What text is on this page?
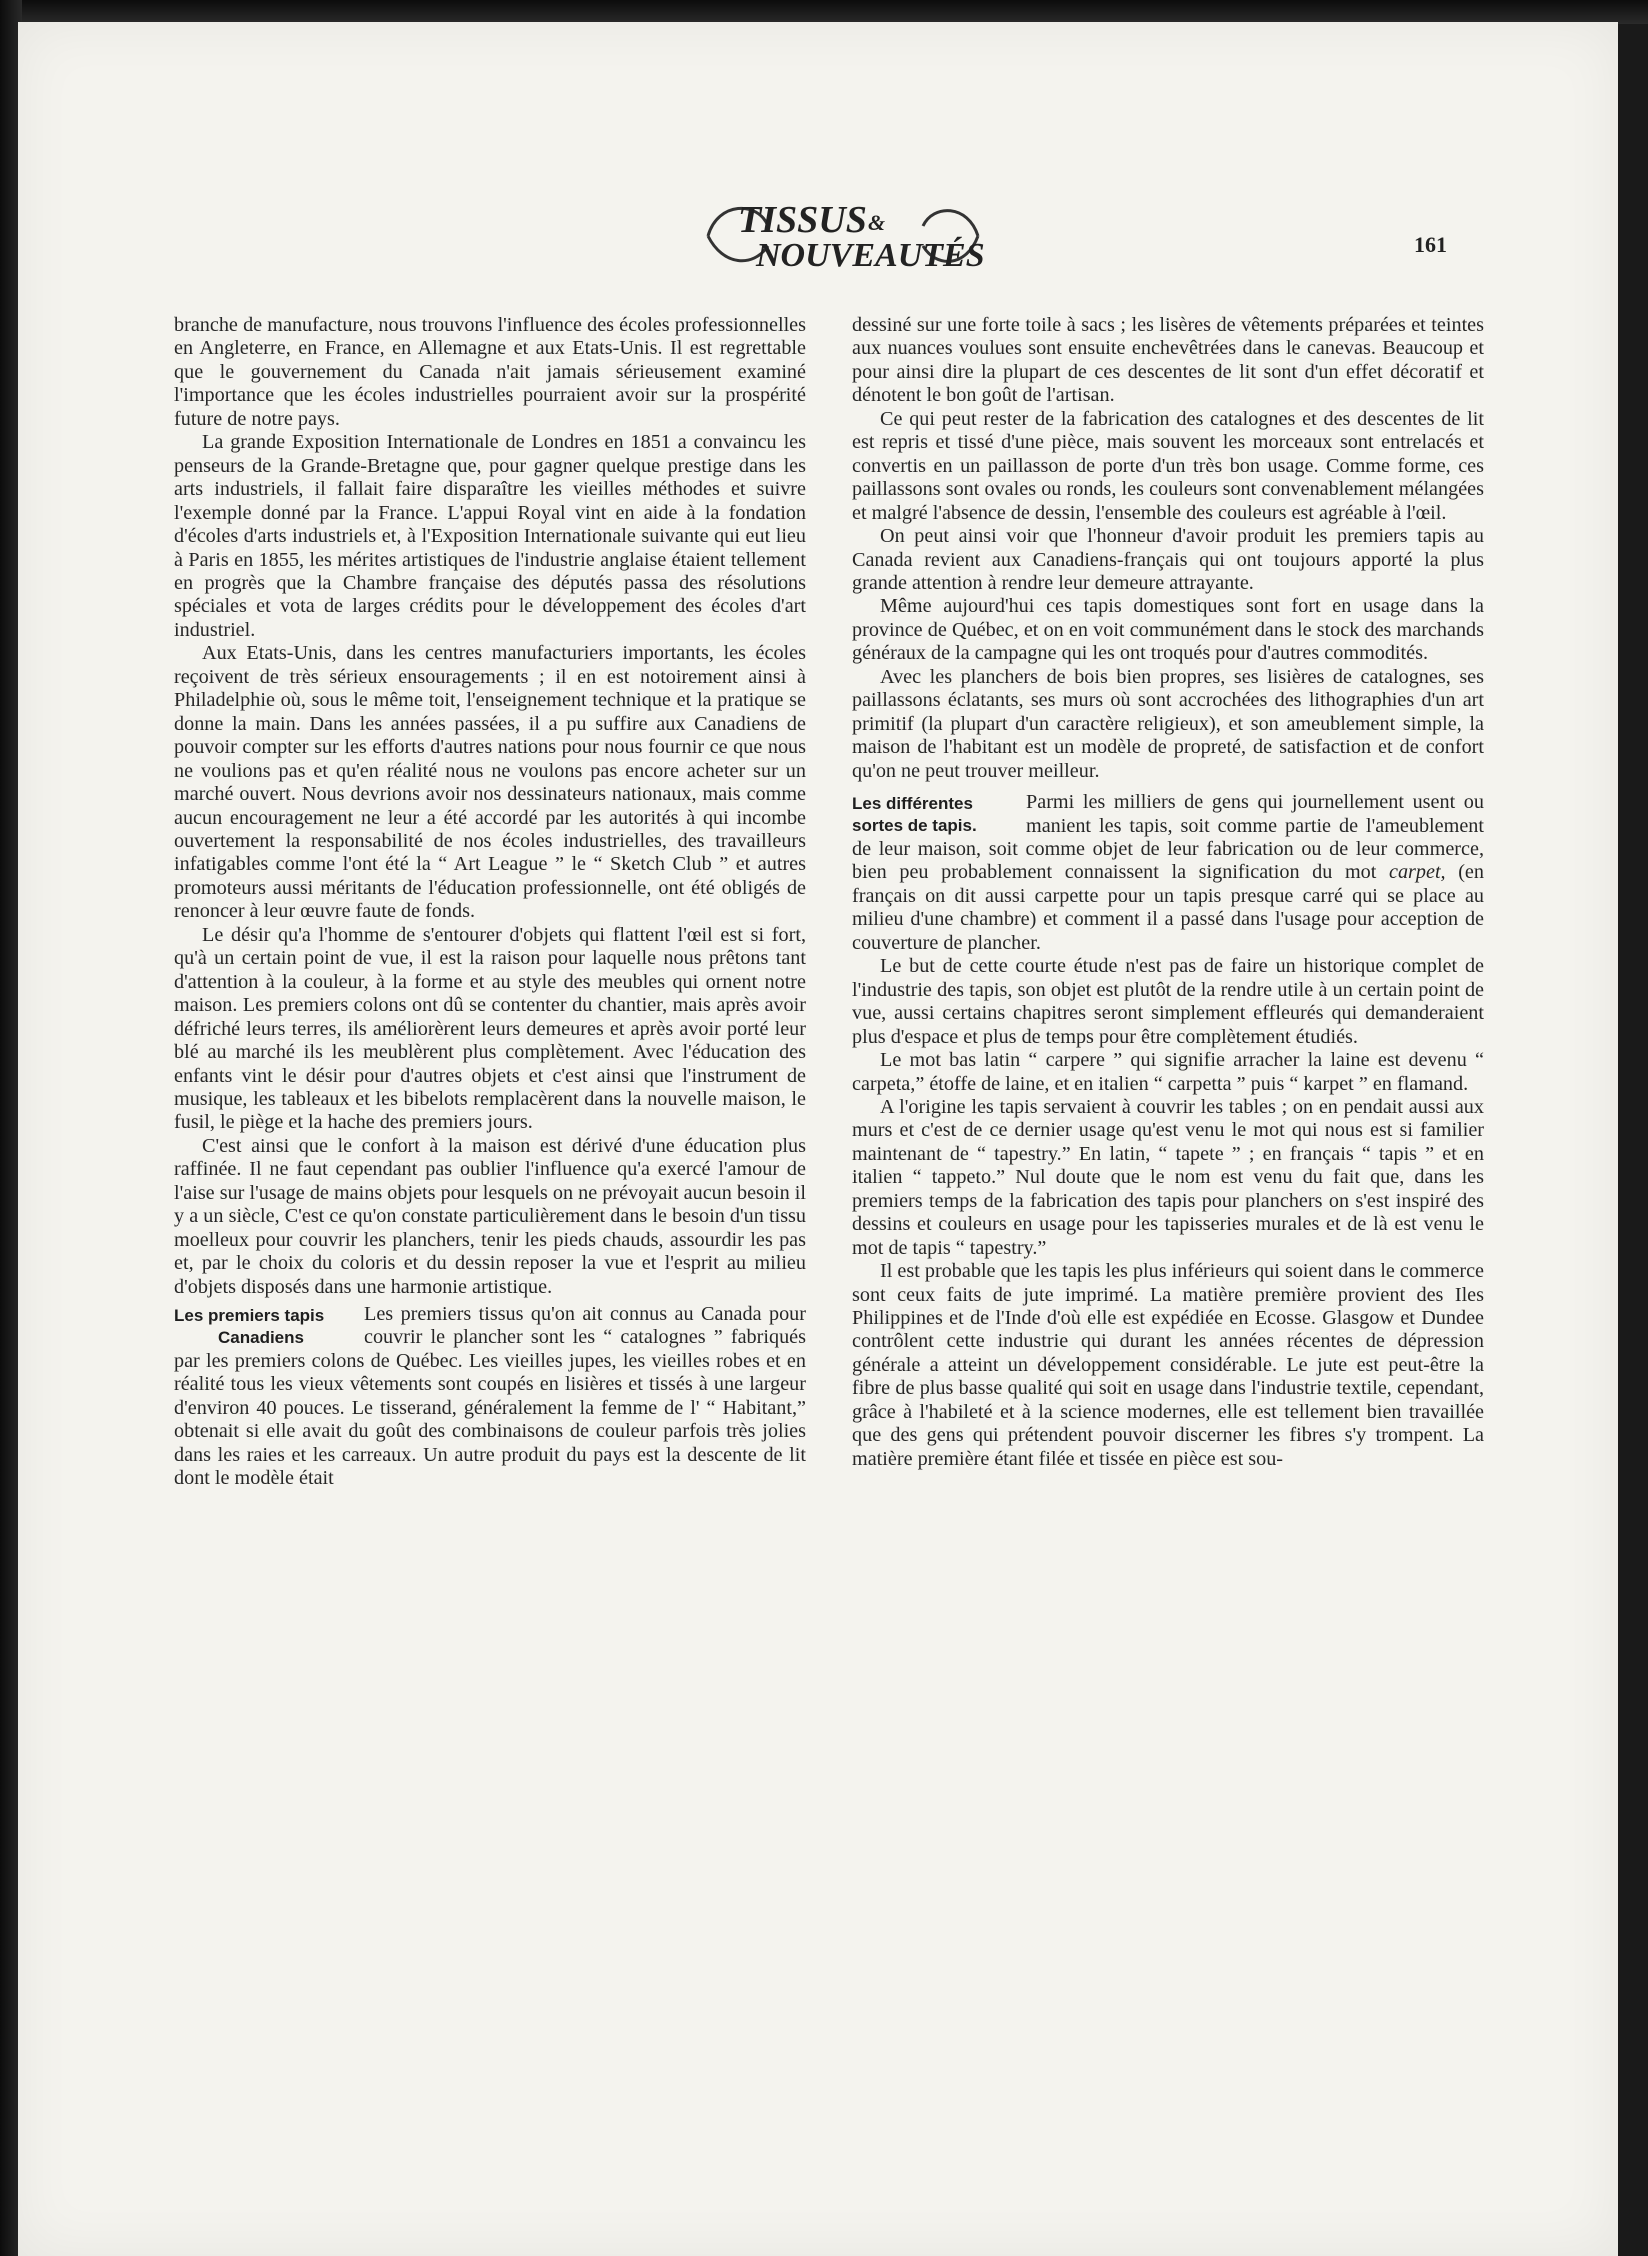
TISSUS &
NOUVEAUTÉS	161

branche de manufacture, nous trouvons l'influence des écoles professionnelles en Angleterre, en France, en Allemagne et aux Etats-Unis. Il est regrettable que le gouvernement du Canada n'ait jamais sérieusement examiné l'importance que les écoles industrielles pourraient avoir sur la prospérité future de notre pays.

La grande Exposition Internationale de Londres en 1851 a convaincu les penseurs de la Grande-Bretagne que, pour gagner quelque prestige dans les arts industriels, il fallait faire disparaître les vieilles méthodes et suivre l'exemple donné par la France. L'appui Royal vint en aide à la fondation d'écoles d'arts industriels et, à l'Exposition Internationale suivante qui eut lieu à Paris en 1855, les mérites artistiques de l'industrie anglaise étaient tellement en progrès que la Chambre française des députés passa des résolutions spéciales et vota de larges crédits pour le développement des écoles d'art industriel.

Aux Etats-Unis, dans les centres manufacturiers importants, les écoles reçoivent de très sérieux ensouragements ; il en est notoirement ainsi à Philadelphie où, sous le même toit, l'enseignement technique et la pratique se donne la main. Dans les années passées, il a pu suffire aux Canadiens de pouvoir compter sur les efforts d'autres nations pour nous fournir ce que nous ne voulions pas et qu'en réalité nous ne voulons pas encore acheter sur un marché ouvert. Nous devrions avoir nos dessinateurs nationaux, mais comme aucun encouragement ne leur a été accordé par les autorités à qui incombe ouvertement la responsabilité de nos écoles industrielles, des travailleurs infatigables comme l'ont été la “ Art League ” le “ Sketch Club ” et autres promoteurs aussi méritants de l'éducation professionnelle, ont été obligés de renoncer à leur œuvre faute de fonds.

Le désir qu'a l'homme de s'entourer d'objets qui flattent l'œil est si fort, qu'à un certain point de vue, il est la raison pour laquelle nous prêtons tant d'attention à la couleur, à la forme et au style des meubles qui ornent notre maison. Les premiers colons ont dû se contenter du chantier, mais après avoir défriché leurs terres, ils améliorèrent leurs demeures et après avoir porté leur blé au marché ils les meublèrent plus complètement. Avec l'éducation des enfants vint le désir pour d'autres objets et c'est ainsi que l'instrument de musique, les tableaux et les bibelots remplacèrent dans la nouvelle maison, le fusil, le piège et la hache des premiers jours.

C'est ainsi que le confort à la maison est dérivé d'une éducation plus raffinée. Il ne faut cependant pas oublier l'influence qu'a exercé l'amour de l'aise sur l'usage de mains objets pour lesquels on ne prévoyait aucun besoin il y a un siècle, C'est ce qu'on constate particulièrement dans le besoin d'un tissu moelleux pour couvrir les planchers, tenir les pieds chauds, assourdir les pas et, par le choix du coloris et du dessin reposer la vue et l'esprit au milieu d'objets disposés dans une harmonie artistique.

Les premiers tapis
Canadiens

Les premiers tissus qu'on ait connus au Canada pour couvrir le plancher sont les “ catalognes ” fabriqués par les premiers colons de Québec. Les vieilles jupes, les vieilles robes et en réalité tous les vieux vêtements sont coupés en lisières et tissés à une largeur d'environ 40 pouces. Le tisserand, généralement la femme de l' “ Habitant,” obtenait si elle avait du goût des combinaisons de couleur parfois très jolies dans les raies et les carreaux. Un autre produit du pays est la descente de lit dont le modèle était

dessiné sur une forte toile à sacs ; les lisères de vêtements préparées et teintes aux nuances voulues sont ensuite enchevêtrées dans le canevas. Beaucoup et pour ainsi dire la plupart de ces descentes de lit sont d'un effet décoratif et dénotent le bon goût de l'artisan.

Ce qui peut rester de la fabrication des catalognes et des descentes de lit est repris et tissé d'une pièce, mais souvent les morceaux sont entrelacés et convertis en un paillasson de porte d'un très bon usage. Comme forme, ces paillassons sont ovales ou ronds, les couleurs sont convenablement mélangées et malgré l'absence de dessin, l'ensemble des couleurs est agréable à l'œil.

On peut ainsi voir que l'honneur d'avoir produit les premiers tapis au Canada revient aux Canadiens-français qui ont toujours apporté la plus grande attention à rendre leur demeure attrayante.

Même aujourd'hui ces tapis domestiques sont fort en usage dans la province de Québec, et on en voit communément dans le stock des marchands généraux de la campagne qui les ont troqués pour d'autres commodités.

Avec les planchers de bois bien propres, ses lisières de catalognes, ses paillassons éclatants, ses murs où sont accrochées des lithographies d'un art primitif (la plupart d'un caractère religieux), et son ameublement simple, la maison de l'habitant est un modèle de propreté, de satisfaction et de confort qu'on ne peut trouver meilleur.

Les différentes
sortes de tapis.

Parmi les milliers de gens qui journellement usent ou manient les tapis, soit comme partie de l'ameublement de leur maison, soit comme objet de leur fabrication ou de leur commerce, bien peu probablement connaissent la signification du mot carpet, (en français on dit aussi carpette pour un tapis presque carré qui se place au milieu d'une chambre) et comment il a passé dans l'usage pour acception de couverture de plancher.

Le but de cette courte étude n'est pas de faire un historique complet de l'industrie des tapis, son objet est plutôt de la rendre utile à un certain point de vue, aussi certains chapitres seront simplement effleurés qui demanderaient plus d'espace et plus de temps pour être complètement étudiés.

Le mot bas latin “ carpere ” qui signifie arracher la laine est devenu “ carpeta,” étoffe de laine, et en italien “ carpetta ” puis “ karpet ” en flamand.

A l'origine les tapis servaient à couvrir les tables ; on en pendait aussi aux murs et c'est de ce dernier usage qu'est venu le mot qui nous est si familier maintenant de “ tapestry.” En latin, “ tapete ” ; en français “ tapis ” et en italien “ tappeto.” Nul doute que le nom est venu du fait que, dans les premiers temps de la fabrication des tapis pour planchers on s'est inspiré des dessins et couleurs en usage pour les tapisseries murales et de là est venu le mot de tapis “ tapestry.”

Il est probable que les tapis les plus inférieurs qui soient dans le commerce sont ceux faits de jute imprimé. La matière première provient des Iles Philippines et de l'Inde d'où elle est expédiée en Ecosse. Glasgow et Dundee contrôlent cette industrie qui durant les années récentes de dépression générale a atteint un développement considérable. Le jute est peut-être la fibre de plus basse qualité qui soit en usage dans l'industrie textile, cependant, grâce à l'habileté et à la science modernes, elle est tellement bien travaillée que des gens qui prétendent pouvoir discerner les fibres s'y trompent. La matière première étant filée et tissée en pièce est sou-
